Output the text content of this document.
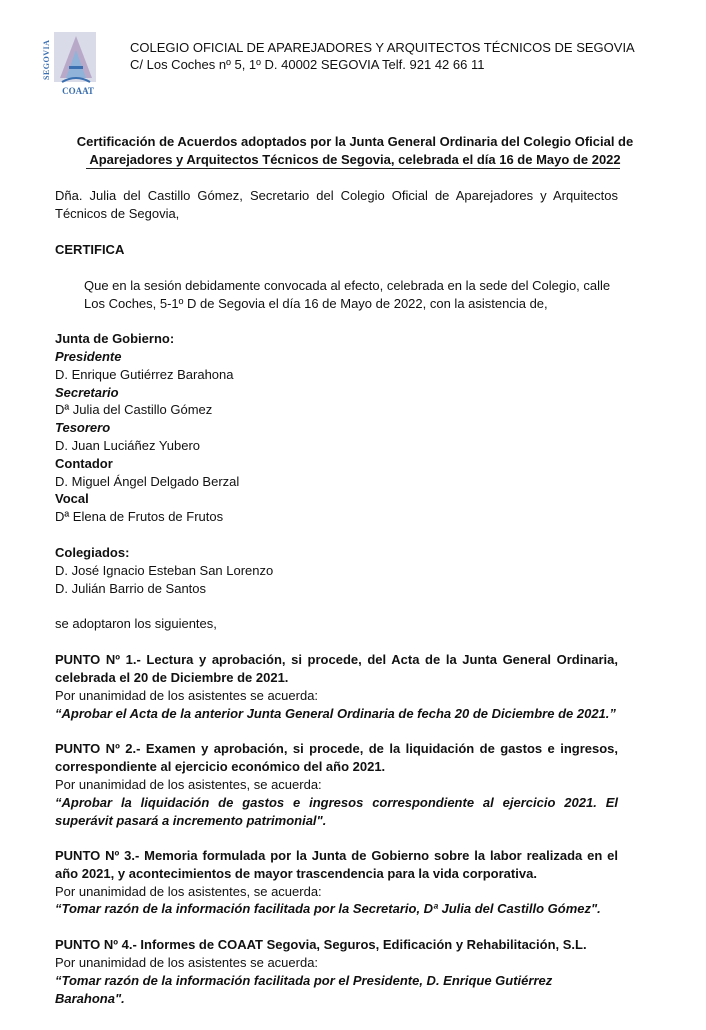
SEGOVIA
COAAT
COLEGIO OFICIAL DE APAREJADORES Y ARQUITECTOS TÉCNICOS DE SEGOVIA
C/ Los Coches nº 5, 1º D. 40002 SEGOVIA Telf. 921 42 66 11
Certificación de Acuerdos adoptados por la Junta General Ordinaria del Colegio Oficial de
Aparejadores y Arquitectos Técnicos de Segovia, celebrada el día 16 de Mayo de 2022
Dña. Julia del Castillo Gómez, Secretario del Colegio Oficial de Aparejadores y Arquitectos Técnicos de Segovia,
CERTIFICA
Que en la sesión debidamente convocada al efecto, celebrada en la sede del Colegio, calle Los Coches, 5-1º D de Segovia el día 16 de Mayo de 2022, con la asistencia de,
Junta de Gobierno:
Presidente
D. Enrique Gutiérrez Barahona
Secretario
Dª Julia del Castillo Gómez
Tesorero
D. Juan Luciáñez Yubero
Contador
D. Miguel Ángel Delgado Berzal
Vocal
Dª Elena de Frutos de Frutos
Colegiados:
D. José Ignacio Esteban San Lorenzo
D. Julián Barrio de Santos
se adoptaron los siguientes,
PUNTO Nº 1.- Lectura y aprobación, si procede, del Acta de la Junta General Ordinaria, celebrada el 20 de Diciembre de 2021.
Por unanimidad de los asistentes se acuerda:
“Aprobar el Acta de la anterior Junta General Ordinaria de fecha 20 de Diciembre de 2021.”
PUNTO Nº 2.- Examen y aprobación, si procede, de la liquidación de gastos e ingresos, correspondiente al ejercicio económico del año 2021.
Por unanimidad de los asistentes, se acuerda:
“Aprobar la liquidación de gastos e ingresos correspondiente al ejercicio 2021. El superávit pasará a incremento patrimonial".
PUNTO Nº 3.- Memoria formulada por la Junta de Gobierno sobre la labor realizada en el año 2021, y acontecimientos de mayor trascendencia para la vida corporativa.
Por unanimidad de los asistentes, se acuerda:
“Tomar razón de la información facilitada por la Secretario, Dª Julia del Castillo Gómez".
PUNTO Nº 4.- Informes de COAAT Segovia, Seguros, Edificación y Rehabilitación, S.L.
Por unanimidad de los asistentes se acuerda:
“Tomar razón de la información facilitada por el Presidente, D. Enrique Gutiérrez Barahona".
